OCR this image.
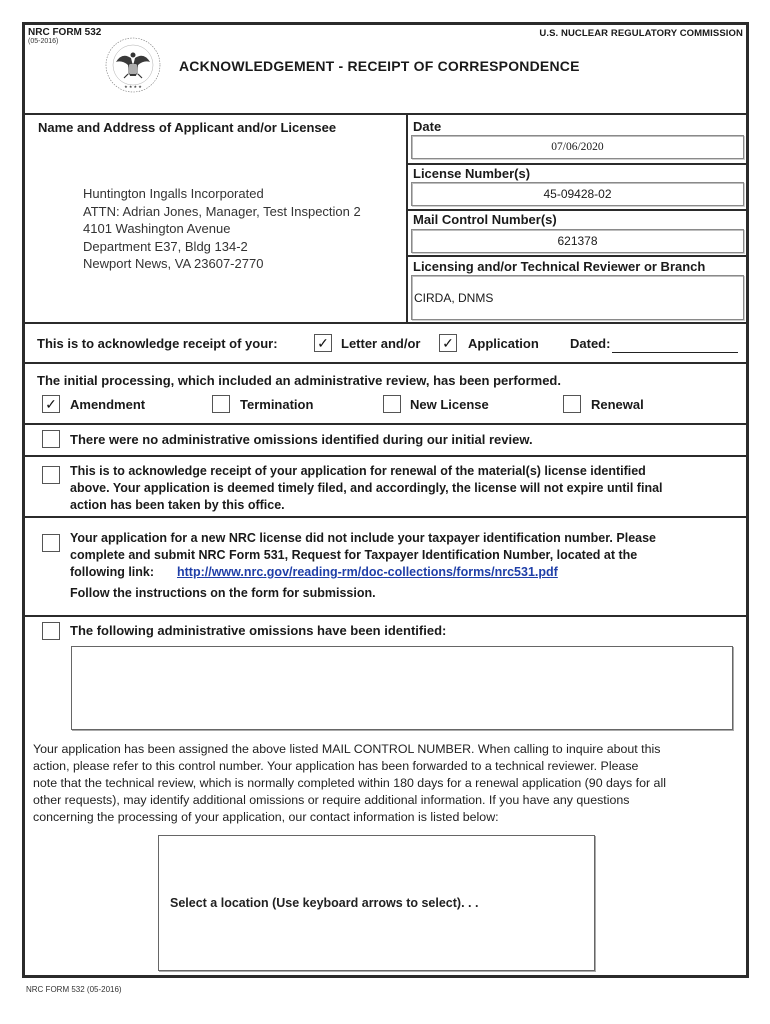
NRC FORM 532
(05-2016)
U.S. NUCLEAR REGULATORY COMMISSION
ACKNOWLEDGEMENT - RECEIPT OF CORRESPONDENCE
★ ★ ★ ★
Name and Address of Applicant and/or Licensee
Huntington Ingalls Incorporated
ATTN: Adrian Jones, Manager, Test Inspection 2
4101 Washington Avenue
Department E37, Bldg 134-2
Newport News, VA 23607-2770
Date
07/06/2020
License Number(s)
45-09428-02
Mail Control Number(s)
621378
Licensing and/or Technical Reviewer or Branch
CIRDA, DNMS
This is to acknowledge receipt of your:	✓ Letter and/or ✓ Application Dated:
The initial processing, which included an administrative review, has been performed.
✓ Amendment	Termination	New License	Renewal
There were no administrative omissions identified during our initial review.
This is to acknowledge receipt of your application for renewal of the material(s) license identified
above. Your application is deemed timely filed, and accordingly, the license will not expire until final
action has been taken by this office.
Your application for a new NRC license did not include your taxpayer identification number. Please
complete and submit NRC Form 531, Request for Taxpayer Identification Number, located at the
following link: http://www.nrc.gov/reading-rm/doc-collections/forms/nrc531.pdf
Follow the instructions on the form for submission.
The following administrative omissions have been identified:
Your application has been assigned the above listed MAIL CONTROL NUMBER. When calling to inquire about this
action, please refer to this control number. Your application has been forwarded to a technical reviewer. Please
note that the technical review, which is normally completed within 180 days for a renewal application (90 days for all
other requests), may identify additional omissions or require additional information. If you have any questions
concerning the processing of your application, our contact information is listed below:
Select a location (Use keyboard arrows to select). . .
NRC FORM 532 (05-2016)
